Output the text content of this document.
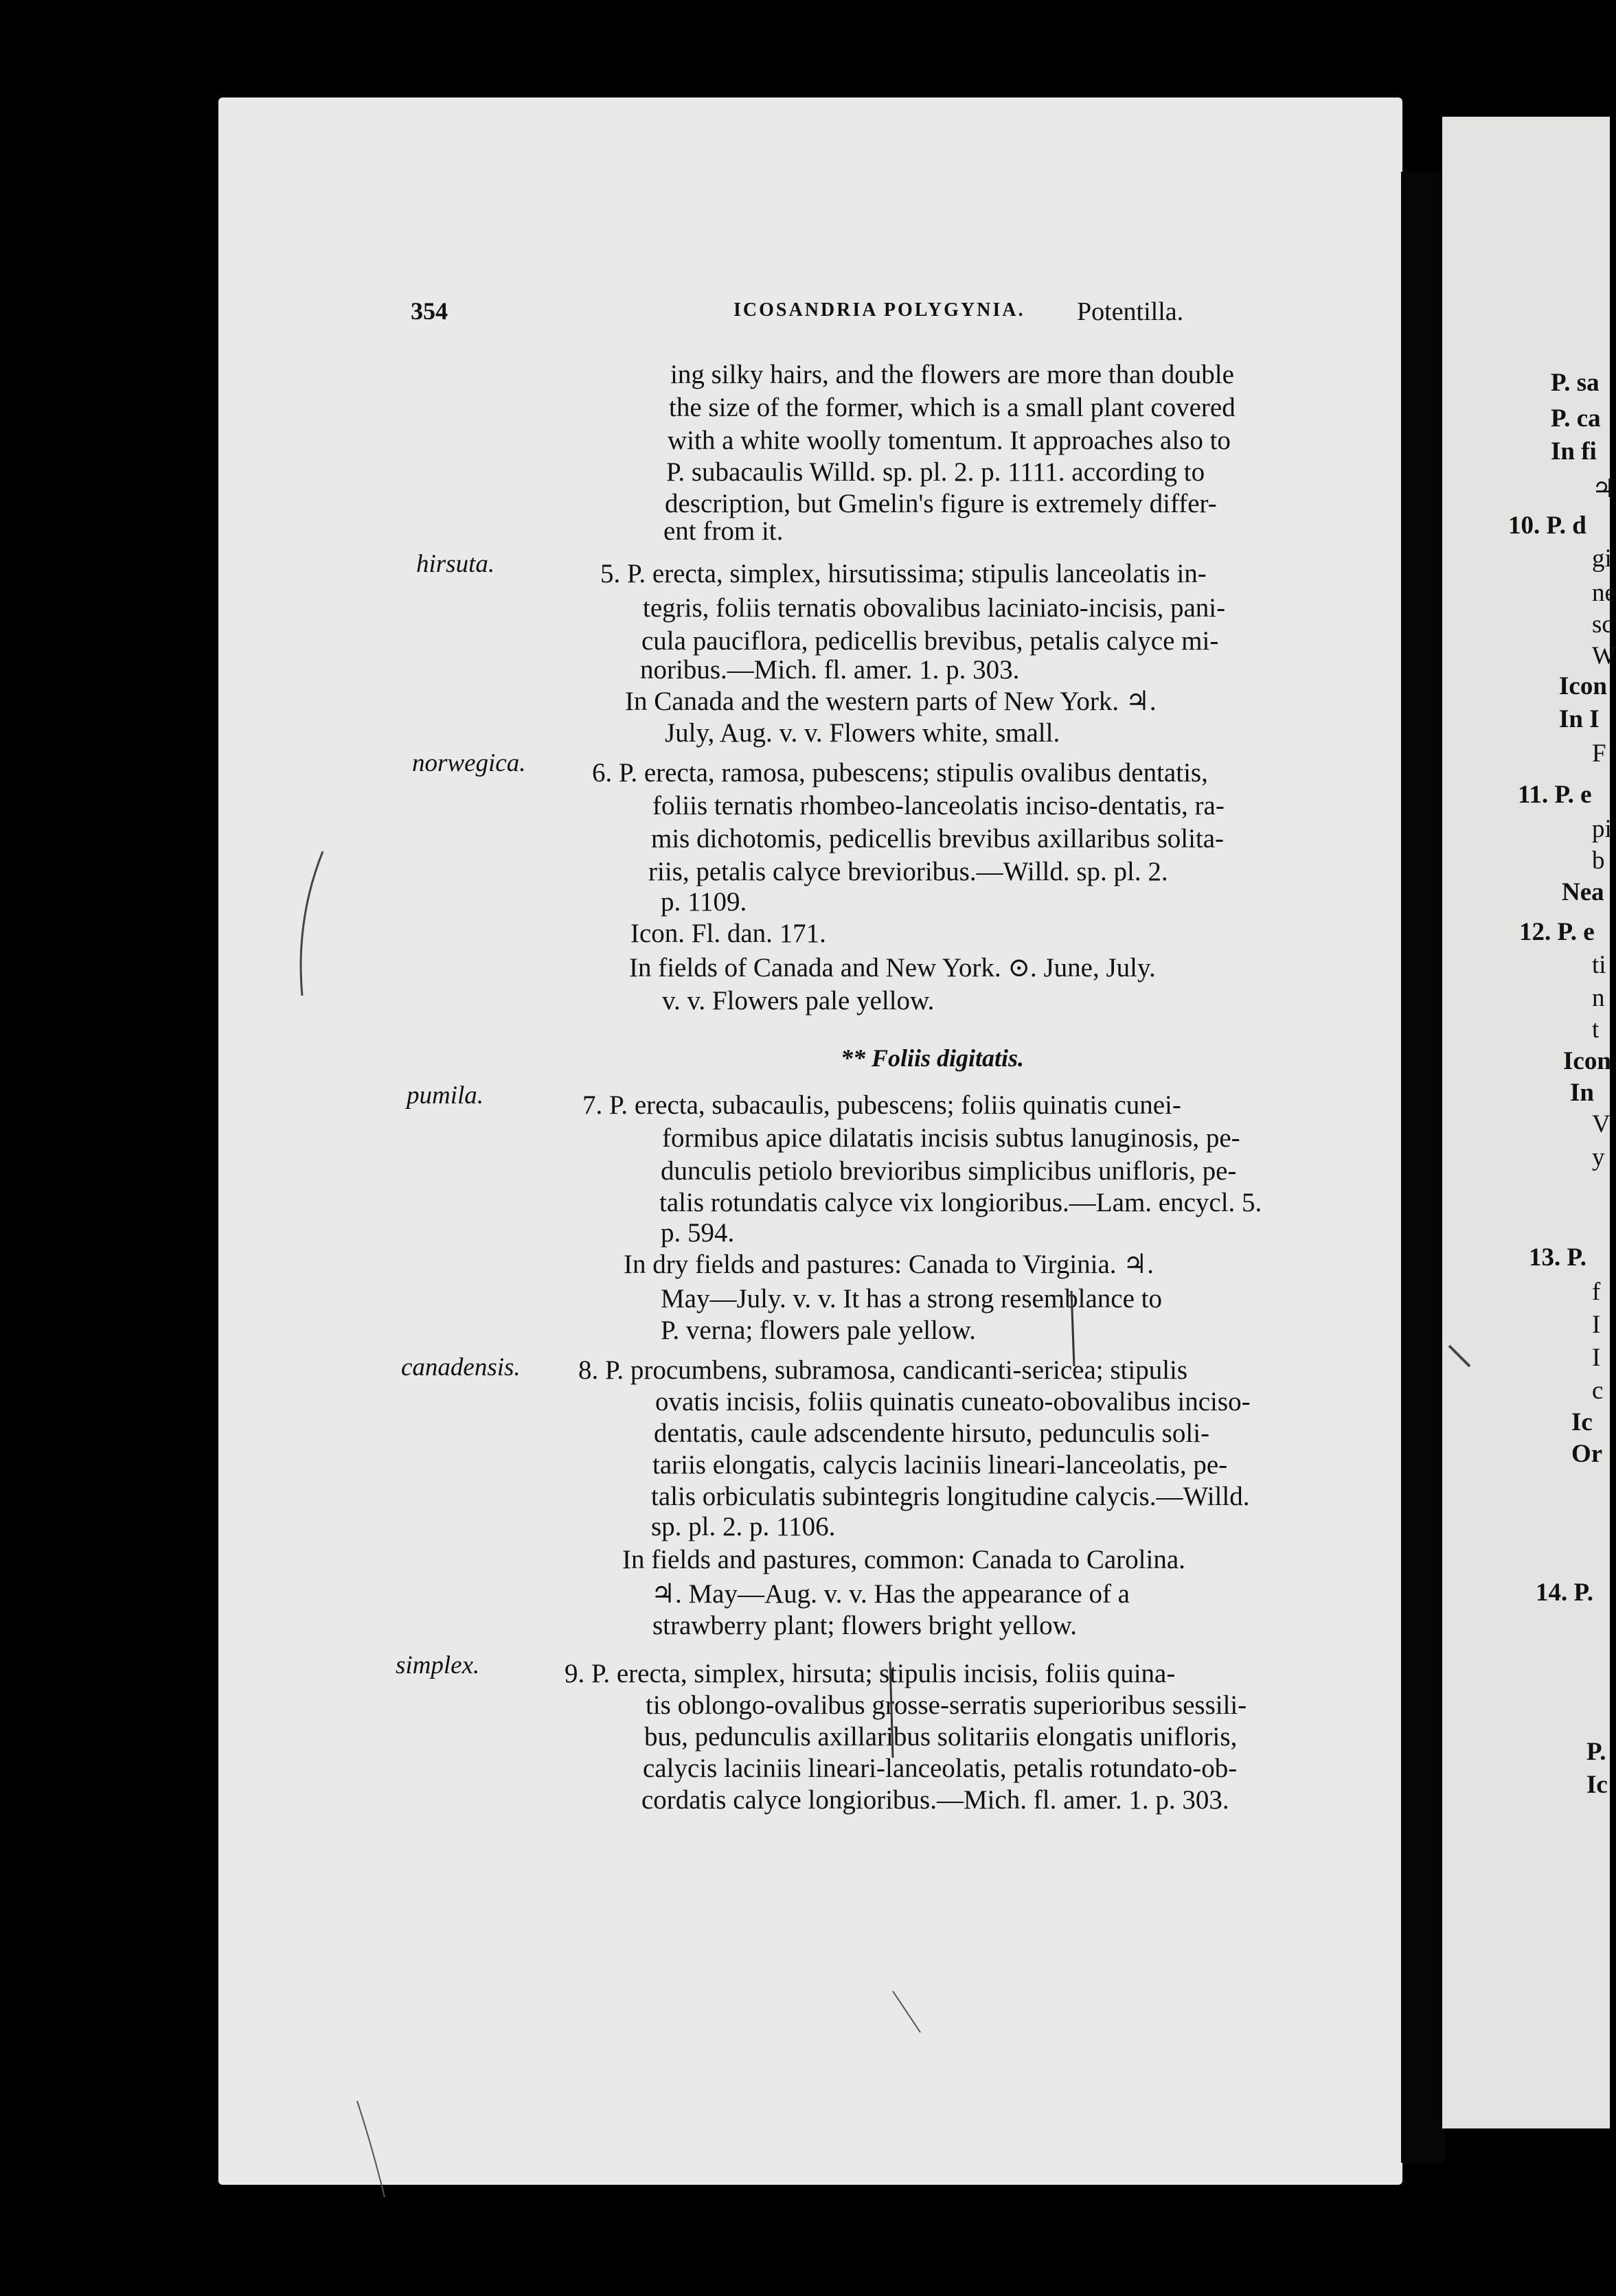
354	ICOSANDRIA POLYGYNIA. Potentilla.
hirsuta.
norwegica.
pumila.
canadensis.
simplex.
** Foliis digitatis.
ing silky hairs, and the flowers are more than double
the size of the former, which is a small plant covered
with a white woolly tomentum. It approaches also to
P. subacaulis Willd. sp. pl. 2. p. 1111. according to
description, but Gmelin's figure is extremely differ-
ent from it.
5. P. erecta, simplex, hirsutissima; stipulis lanceolatis in-
tegris, foliis ternatis obovalibus laciniato-incisis, pani-
cula pauciflora, pedicellis brevibus, petalis calyce mi-
noribus.—Mich. fl. amer. 1. p. 303.
In Canada and the western parts of New York. ♃.
July, Aug. v. v. Flowers white, small.
6. P. erecta, ramosa, pubescens; stipulis ovalibus dentatis,
foliis ternatis rhombeo-lanceolatis inciso-dentatis, ra-
mis dichotomis, pedicellis brevibus axillaribus solita-
riis, petalis calyce brevioribus.—Willd. sp. pl. 2.
p. 1109.
Icon. Fl. dan. 171.
In fields of Canada and New York. ⊙. June, July.
v. v. Flowers pale yellow.
7. P. erecta, subacaulis, pubescens; foliis quinatis cunei-
formibus apice dilatatis incisis subtus lanuginosis, pe-
dunculis petiolo brevioribus simplicibus unifloris, pe-
talis rotundatis calyce vix longioribus.—Lam. encycl. 5.
p. 594.
In dry fields and pastures: Canada to Virginia. ♃.
May—July. v. v. It has a strong resemblance to
P. verna; flowers pale yellow.
8. P. procumbens, subramosa, candicanti-sericea; stipulis
ovatis incisis, foliis quinatis cuneato-obovalibus inciso-
dentatis, caule adscendente hirsuto, pedunculis soli-
tariis elongatis, calycis laciniis lineari-lanceolatis, pe-
talis orbiculatis subintegris longitudine calycis.—Willd.
sp. pl. 2. p. 1106.
In fields and pastures, common: Canada to Carolina.
♃. May—Aug. v. v. Has the appearance of a
strawberry plant; flowers bright yellow.
9. P. erecta, simplex, hirsuta; stipulis incisis, foliis quina-
tis oblongo-ovalibus grosse-serratis superioribus sessili-
bus, pedunculis axillaribus solitariis elongatis unifloris,
calycis laciniis lineari-lanceolatis, petalis rotundato-ob-
cordatis calyce longioribus.—Mich. fl. amer. 1. p. 303.
P. sa
P. ca
In fi
♃
10. P. d
gi
ne
sc
W
Icon
In I
F
11. P. e
pi
b
Nea
12. P. e
ti
n
t
Icon
In
V
y
13. P.
f
I
I
c
Ic
Or
14. P.
P.
Ic
